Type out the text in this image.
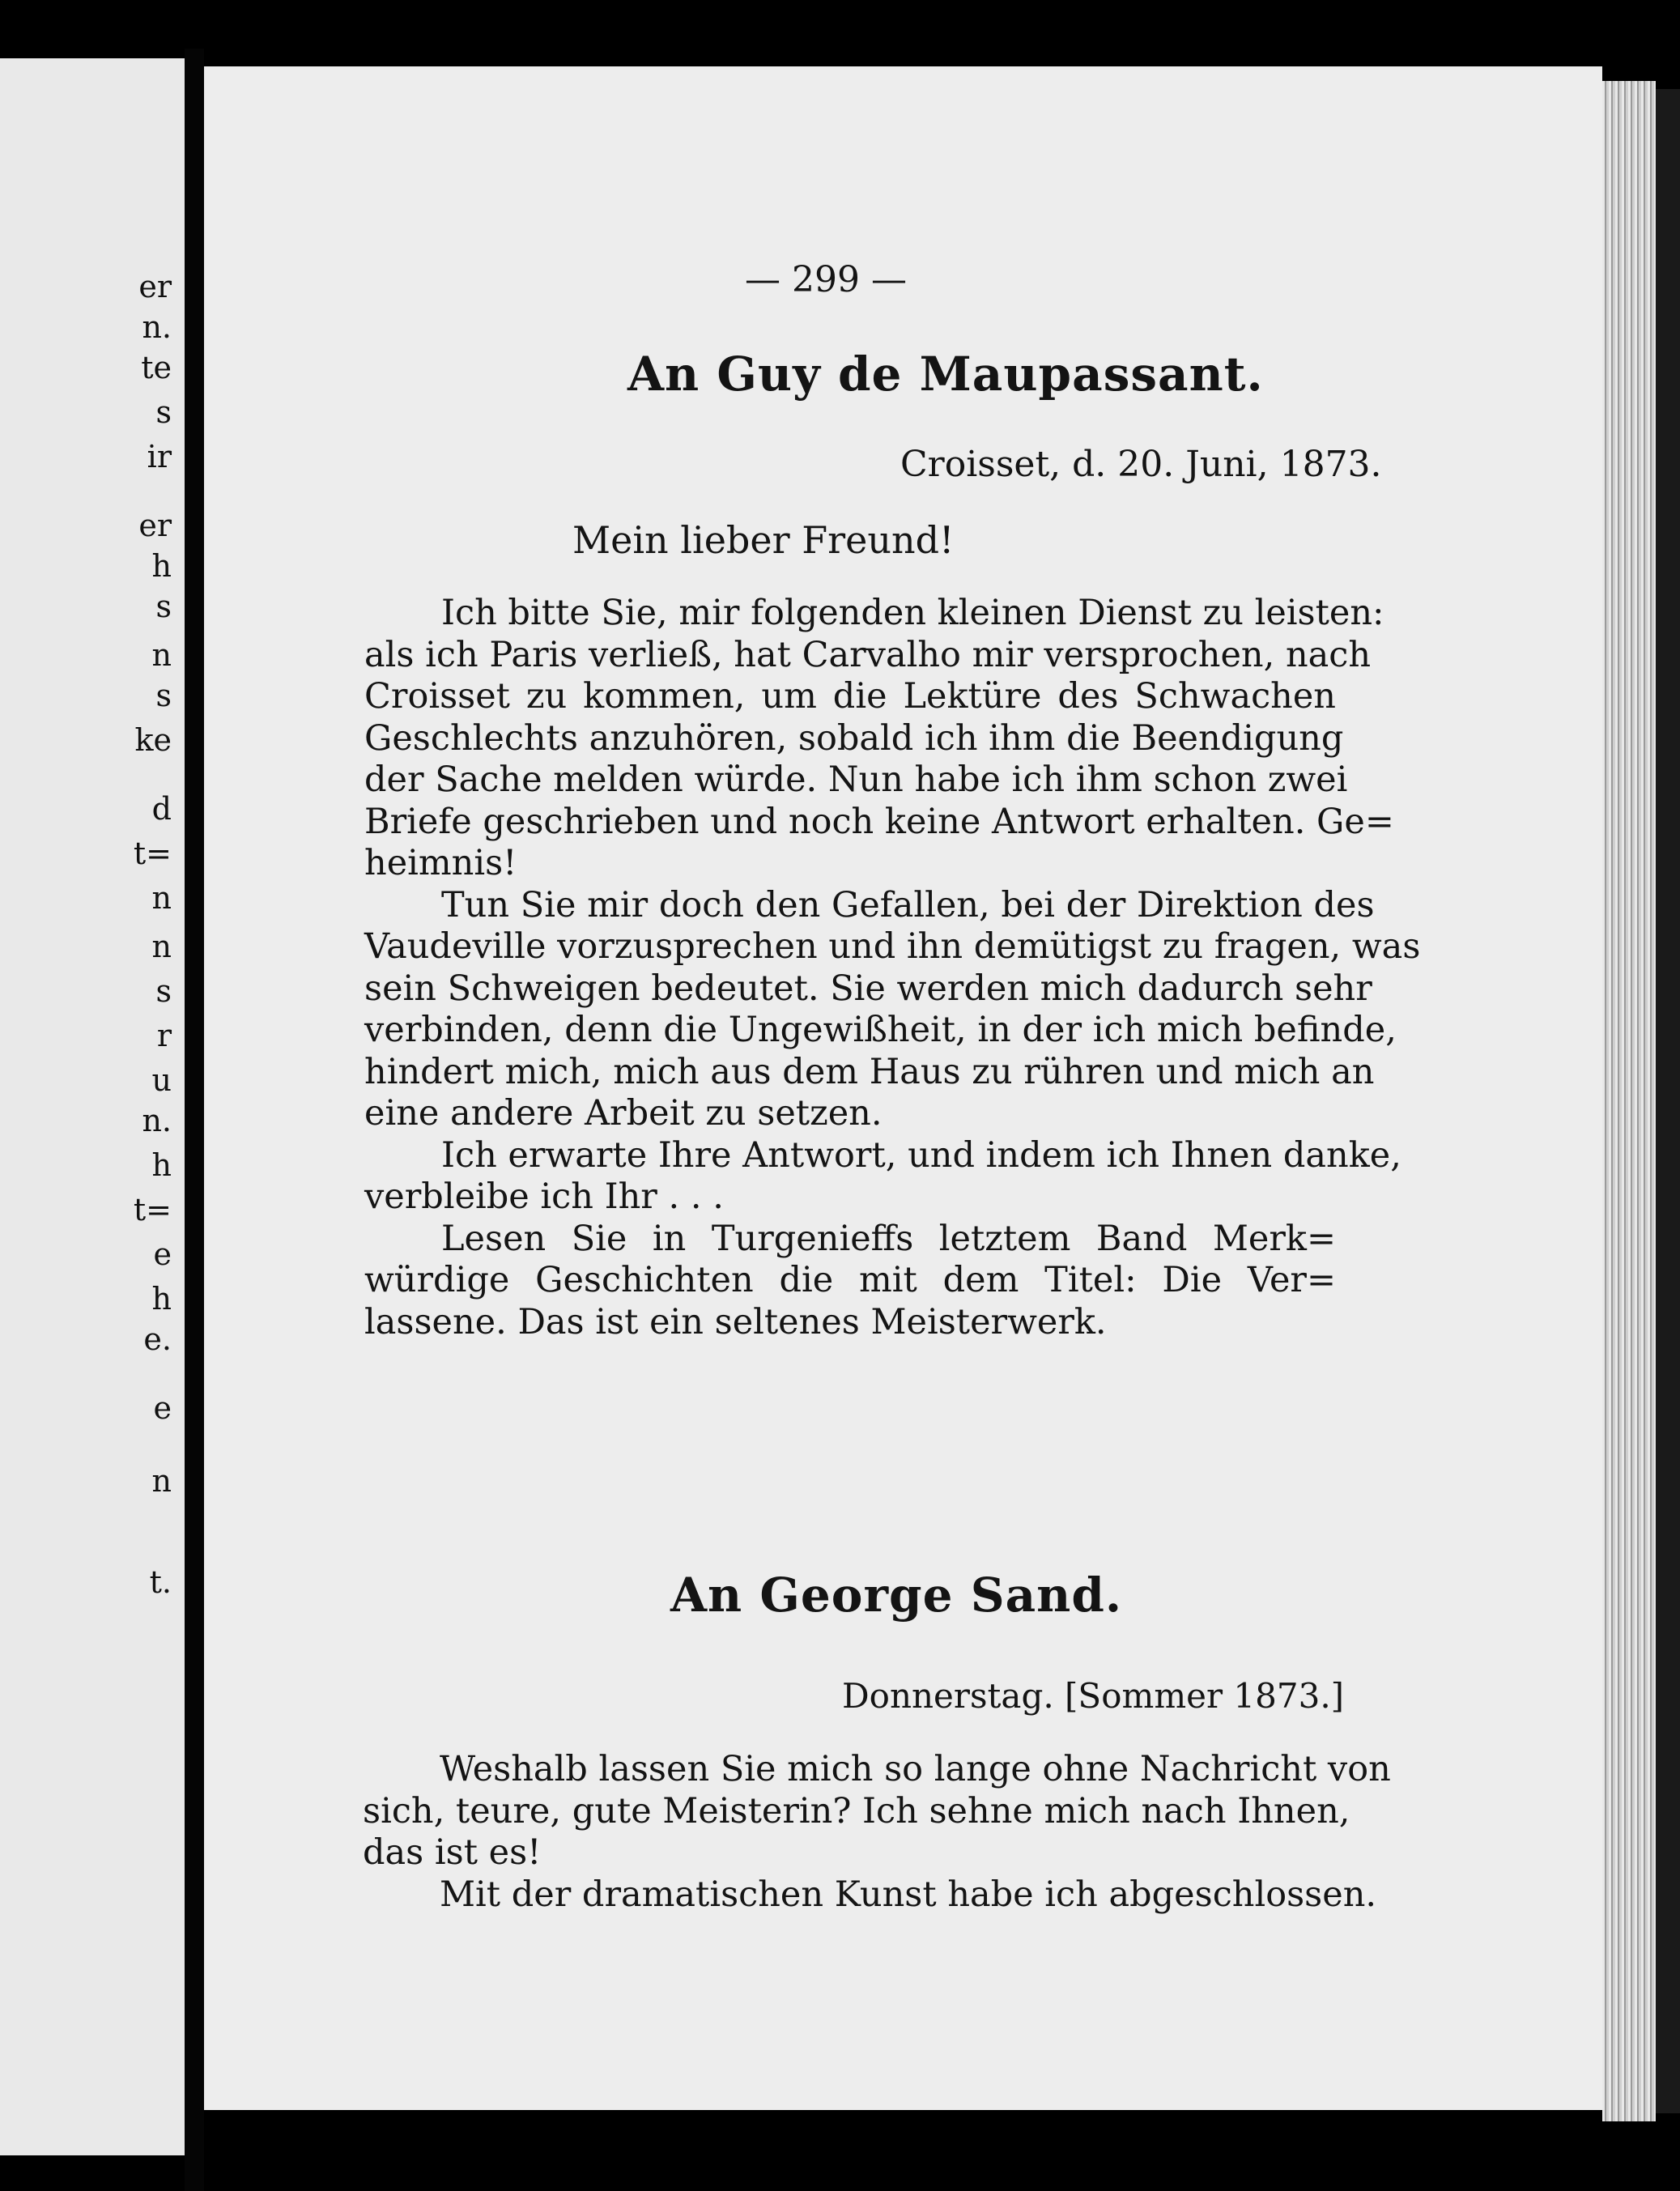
er
n.
te
s
ir
er
h
s
n
s
ke
d
t=
n
n
s
r
u
n.
h
t=
e
h
e.
e
n
t.
— 299 —
An Guy de Maupassant.
Croisset, d. 20. Juni, 1873.
Mein lieber Freund!
Ich bitte Sie, mir folgenden kleinen Dienst zu leisten:
als ich Paris verließ, hat Carvalho mir versprochen, nach
Croisset zu kommen, um die Lektüre des Schwachen
Geschlechts anzuhören, sobald ich ihm die Beendigung
der Sache melden würde. Nun habe ich ihm schon zwei
Briefe geschrieben und noch keine Antwort erhalten. Ge=
heimnis!
Tun Sie mir doch den Gefallen, bei der Direktion des
Vaudeville vorzusprechen und ihn demütigst zu fragen, was
sein Schweigen bedeutet. Sie werden mich dadurch sehr
verbinden, denn die Ungewißheit, in der ich mich befinde,
hindert mich, mich aus dem Haus zu rühren und mich an
eine andere Arbeit zu setzen.
Ich erwarte Ihre Antwort, und indem ich Ihnen danke,
verbleibe ich Ihr . . .
Lesen Sie in Turgenieffs letztem Band Merk=
würdige Geschichten die mit dem Titel: Die Ver=
lassene. Das ist ein seltenes Meisterwerk.
An George Sand.
Donnerstag. [Sommer 1873.]
Weshalb lassen Sie mich so lange ohne Nachricht von
sich, teure, gute Meisterin? Ich sehne mich nach Ihnen,
das ist es!
Mit der dramatischen Kunst habe ich abgeschlossen.
